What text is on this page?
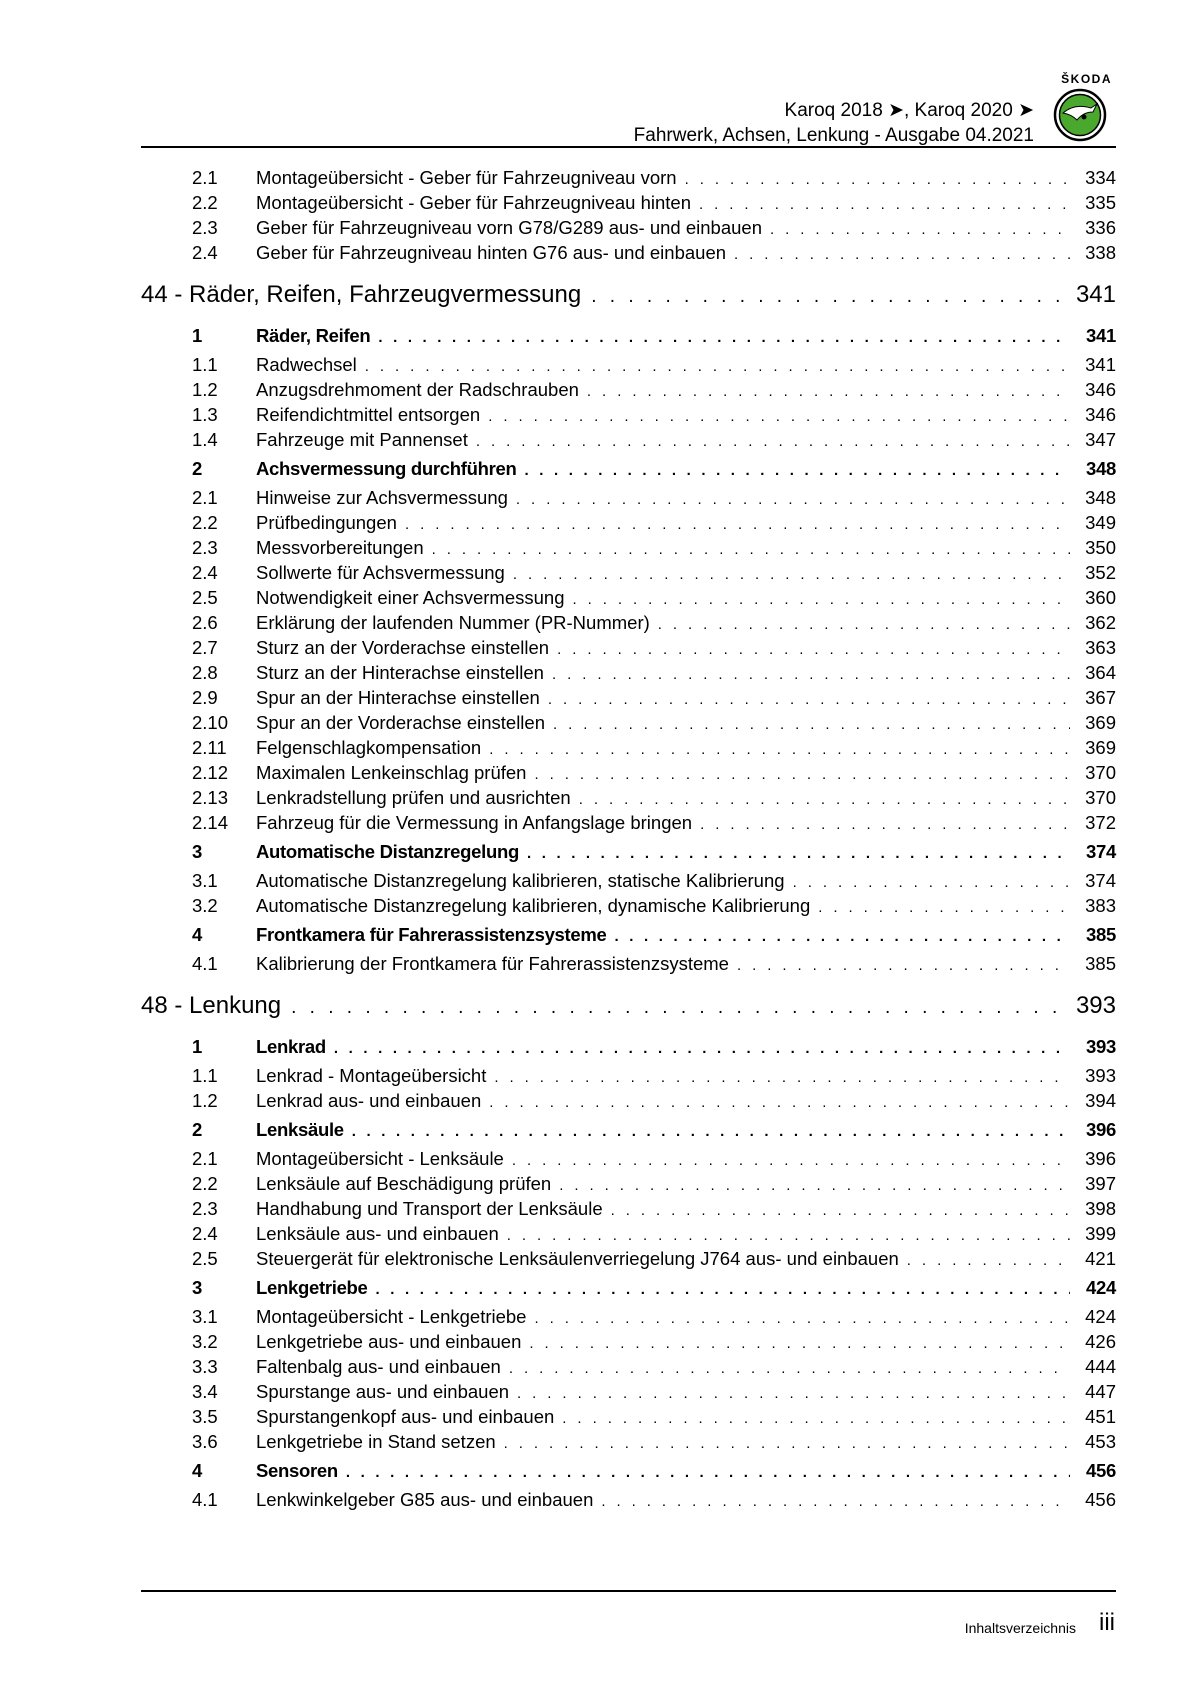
ŠKODA
Karoq 2018 ➤, Karoq 2020 ➤
Fahrwerk, Achsen, Lenkung - Ausgabe 04.2021
2.1	Montageübersicht - Geber für Fahrzeugniveau vorn . . .	334
2.2	Montageübersicht - Geber für Fahrzeugniveau hinten . . .	335
2.3	Geber für Fahrzeugniveau vorn G78/G289 aus- und einbauen . . .	336
2.4	Geber für Fahrzeugniveau hinten G76 aus- und einbauen . . .	338
44 - Räder, Reifen, Fahrzeugvermessung . . .	341
1	Räder, Reifen . . .	341
1.1	Radwechsel . . .	341
1.2	Anzugsdrehmoment der Radschrauben . . .	346
1.3	Reifendichtmittel entsorgen . . .	346
1.4	Fahrzeuge mit Pannenset . . .	347
2	Achsvermessung durchführen . . .	348
2.1	Hinweise zur Achsvermessung . . .	348
2.2	Prüfbedingungen . . .	349
2.3	Messvorbereitungen . . .	350
2.4	Sollwerte für Achsvermessung . . .	352
2.5	Notwendigkeit einer Achsvermessung . . .	360
2.6	Erklärung der laufenden Nummer (PR-Nummer) . . .	362
2.7	Sturz an der Vorderachse einstellen . . .	363
2.8	Sturz an der Hinterachse einstellen . . .	364
2.9	Spur an der Hinterachse einstellen . . .	367
2.10	Spur an der Vorderachse einstellen . . .	369
2.11	Felgenschlagkompensation . . .	369
2.12	Maximalen Lenkeinschlag prüfen . . .	370
2.13	Lenkradstellung prüfen und ausrichten . . .	370
2.14	Fahrzeug für die Vermessung in Anfangslage bringen . . .	372
3	Automatische Distanzregelung . . .	374
3.1	Automatische Distanzregelung kalibrieren, statische Kalibrierung . . .	374
3.2	Automatische Distanzregelung kalibrieren, dynamische Kalibrierung . . .	383
4	Frontkamera für Fahrerassistenzsysteme . . .	385
4.1	Kalibrierung der Frontkamera für Fahrerassistenzsysteme . . .	385
48 - Lenkung . . .	393
1	Lenkrad . . .	393
1.1	Lenkrad - Montageübersicht . . .	393
1.2	Lenkrad aus- und einbauen . . .	394
2	Lenksäule . . .	396
2.1	Montageübersicht - Lenksäule . . .	396
2.2	Lenksäule auf Beschädigung prüfen . . .	397
2.3	Handhabung und Transport der Lenksäule . . .	398
2.4	Lenksäule aus- und einbauen . . .	399
2.5	Steuergerät für elektronische Lenksäulenverriegelung J764 aus- und einbauen . . .	421
3	Lenkgetriebe . . .	424
3.1	Montageübersicht - Lenkgetriebe . . .	424
3.2	Lenkgetriebe aus- und einbauen . . .	426
3.3	Faltenbalg aus- und einbauen . . .	444
3.4	Spurstange aus- und einbauen . . .	447
3.5	Spurstangenkopf aus- und einbauen . . .	451
3.6	Lenkgetriebe in Stand setzen . . .	453
4	Sensoren . . .	456
4.1	Lenkwinkelgeber G85 aus- und einbauen . . .	456
Inhaltsverzeichnis iii
